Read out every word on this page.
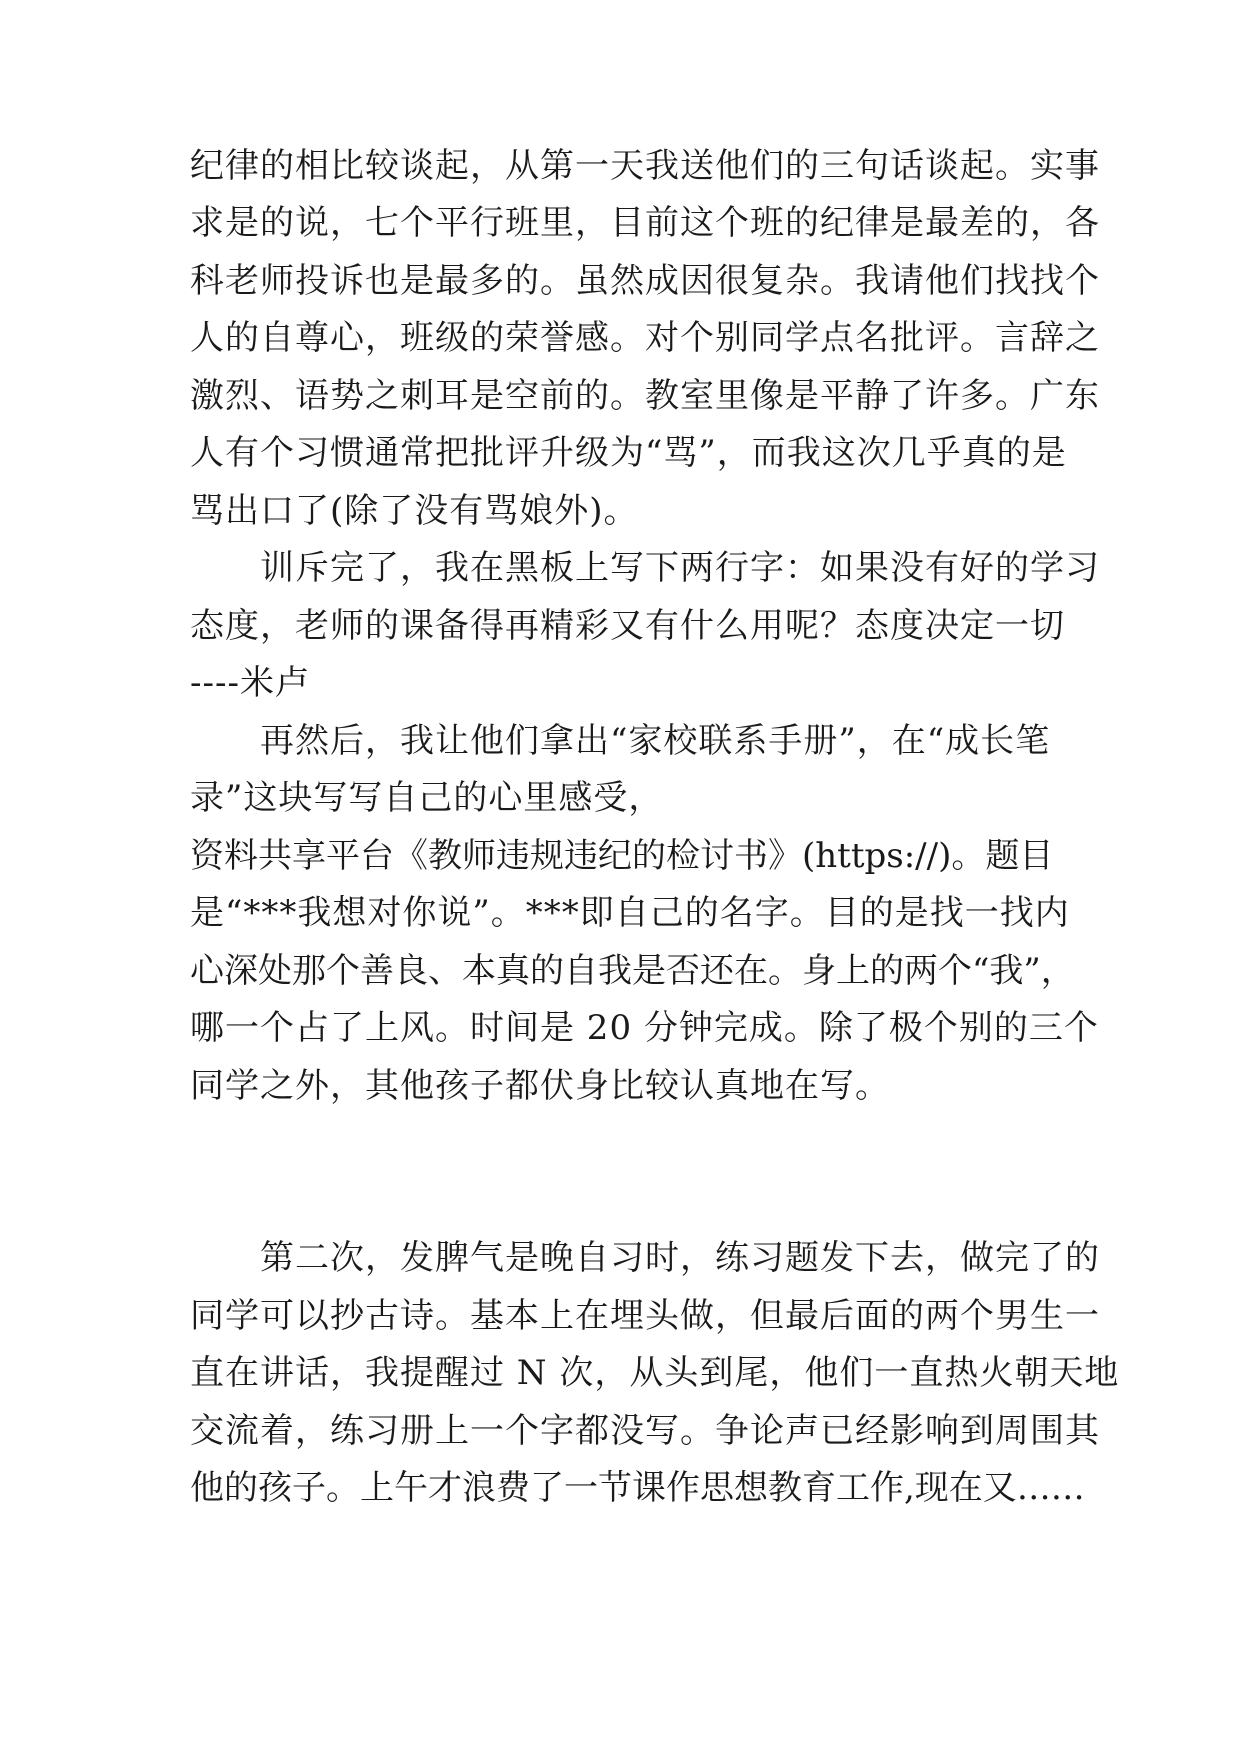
纪律的相比较谈起，从第一天我送他们的三句话谈起。实事
求是的说，七个平行班里，目前这个班的纪律是最差的，各
科老师投诉也是最多的。虽然成因很复杂。我请他们找找个
人的自尊心，班级的荣誉感。对个别同学点名批评。言辞之
激烈、语势之刺耳是空前的。教室里像是平静了许多。广东
人有个习惯通常把批评升级为“骂”，而我这次几乎真的是
骂出口了(除了没有骂娘外)。
　　训斥完了，我在黑板上写下两行字：如果没有好的学习
态度，老师的课备得再精彩又有什么用呢？态度决定一切
----米卢
　　再然后，我让他们拿出“家校联系手册”，在“成长笔
录”这块写写自己的心里感受，
资料共享平台《教师违规违纪的检讨书》(https://)。题目
是“***我想对你说”。***即自己的名字。目的是找一找内
心深处那个善良、本真的自我是否还在。身上的两个“我”，
哪一个占了上风。时间是 20 分钟完成。除了极个别的三个
同学之外，其他孩子都伏身比较认真地在写。
　　第二次，发脾气是晚自习时，练习题发下去，做完了的
同学可以抄古诗。基本上在埋头做，但最后面的两个男生一
直在讲话，我提醒过 N 次，从头到尾，他们一直热火朝天地
交流着，练习册上一个字都没写。争论声已经影响到周围其
他的孩子。上午才浪费了一节课作思想教育工作,现在又……
